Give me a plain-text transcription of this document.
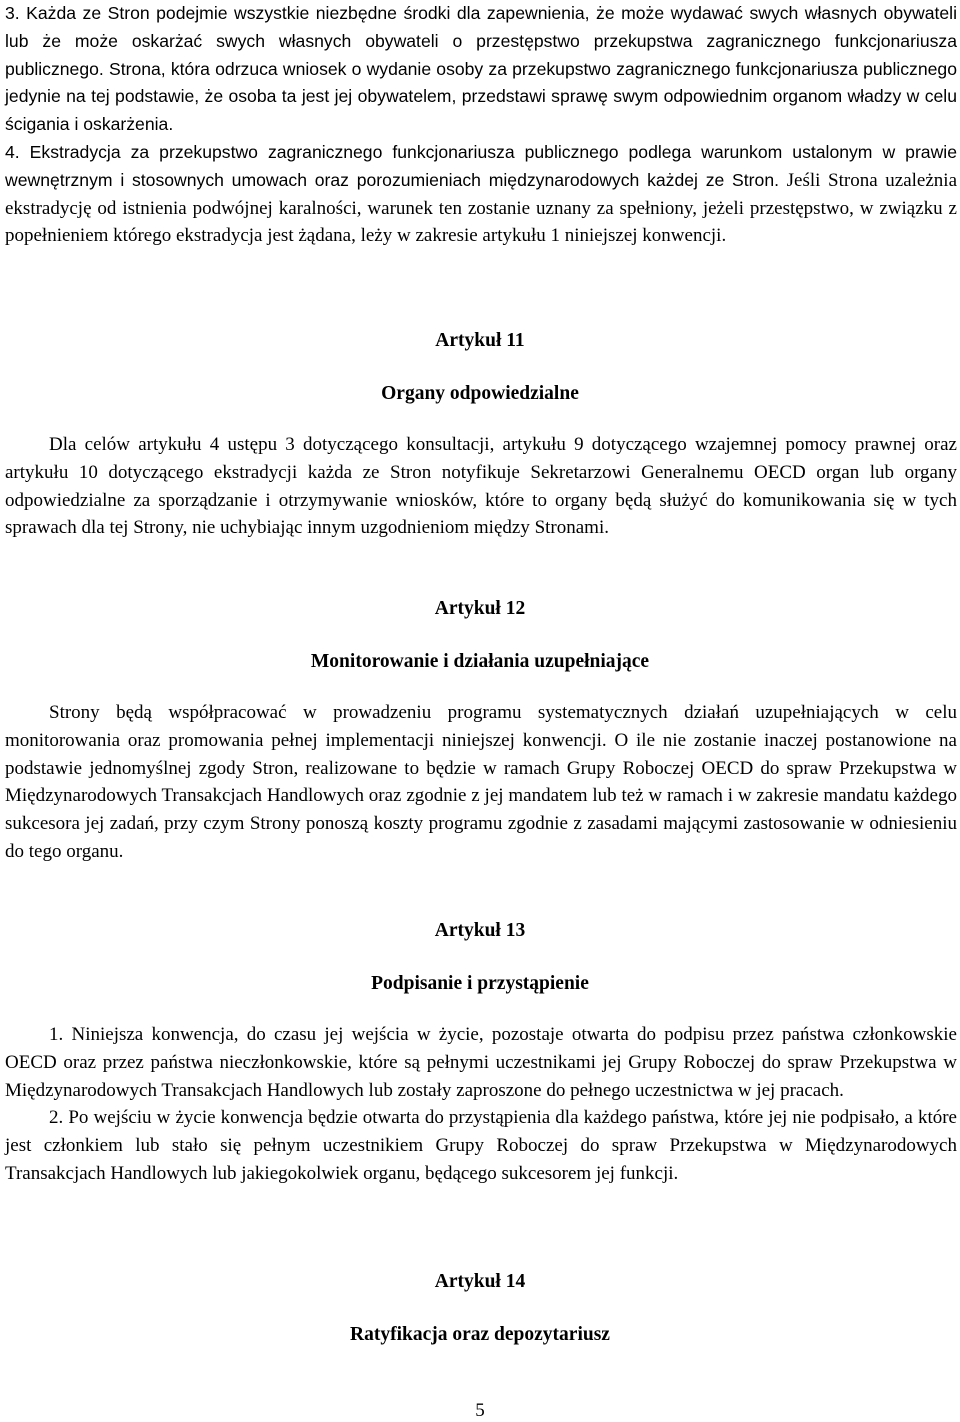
3. Każda ze Stron podejmie wszystkie niezbędne środki dla zapewnienia, że może wydawać swych własnych obywateli lub że może oskarżać swych własnych obywateli o przestępstwo przekupstwa zagranicznego funkcjonariusza publicznego. Strona, która odrzuca wniosek o wydanie osoby za przekupstwo zagranicznego funkcjonariusza publicznego jedynie na tej podstawie, że osoba ta jest jej obywatelem, przedstawi sprawę swym odpowiednim organom władzy w celu ścigania i oskarżenia.

4. Ekstradycja za przekupstwo zagranicznego funkcjonariusza publicznego podlega warunkom ustalonym w prawie wewnętrznym i stosownych umowach oraz porozumieniach międzynarodowych każdej ze Stron. Jeśli Strona uzależnia ekstradycję od istnienia podwójnej karalności, warunek ten zostanie uznany za spełniony, jeżeli przestępstwo, w związku z popełnieniem którego ekstradycja jest żądana, leży w zakresie artykułu 1 niniejszej konwencji.

Artykuł 11
Organy odpowiedzialne

Dla celów artykułu 4 ustępu 3 dotyczącego konsultacji, artykułu 9 dotyczącego wzajemnej pomocy prawnej oraz artykułu 10 dotyczącego ekstradycji każda ze Stron notyfikuje Sekretarzowi Generalnemu OECD organ lub organy odpowiedzialne za sporządzanie i otrzymywanie wniosków, które to organy będą służyć do komunikowania się w tych sprawach dla tej Strony, nie uchybiając innym uzgodnieniom między Stronami.

Artykuł 12
Monitorowanie i działania uzupełniające

Strony będą współpracować w prowadzeniu programu systematycznych działań uzupełniających w celu monitorowania oraz promowania pełnej implementacji niniejszej konwencji. O ile nie zostanie inaczej postanowione na podstawie jednomyślnej zgody Stron, realizowane to będzie w ramach Grupy Roboczej OECD do spraw Przekupstwa w Międzynarodowych Transakcjach Handlowych oraz zgodnie z jej mandatem lub też w ramach i w zakresie mandatu każdego sukcesora jej zadań, przy czym Strony ponoszą koszty programu zgodnie z zasadami mającymi zastosowanie w odniesieniu do tego organu.

Artykuł 13
Podpisanie i przystąpienie

1. Niniejsza konwencja, do czasu jej wejścia w życie, pozostaje otwarta do podpisu przez państwa członkowskie OECD oraz przez państwa nieczłonkowskie, które są pełnymi uczestnikami jej Grupy Roboczej do spraw Przekupstwa w Międzynarodowych Transakcjach Handlowych lub zostały zaproszone do pełnego uczestnictwa w jej pracach.

2. Po wejściu w życie konwencja będzie otwarta do przystąpienia dla każdego państwa, które jej nie podpisało, a które jest członkiem lub stało się pełnym uczestnikiem Grupy Roboczej do spraw Przekupstwa w Międzynarodowych Transakcjach Handlowych lub jakiegokolwiek organu, będącego sukcesorem jej funkcji.

Artykuł 14
Ratyfikacja oraz depozytariusz
5
